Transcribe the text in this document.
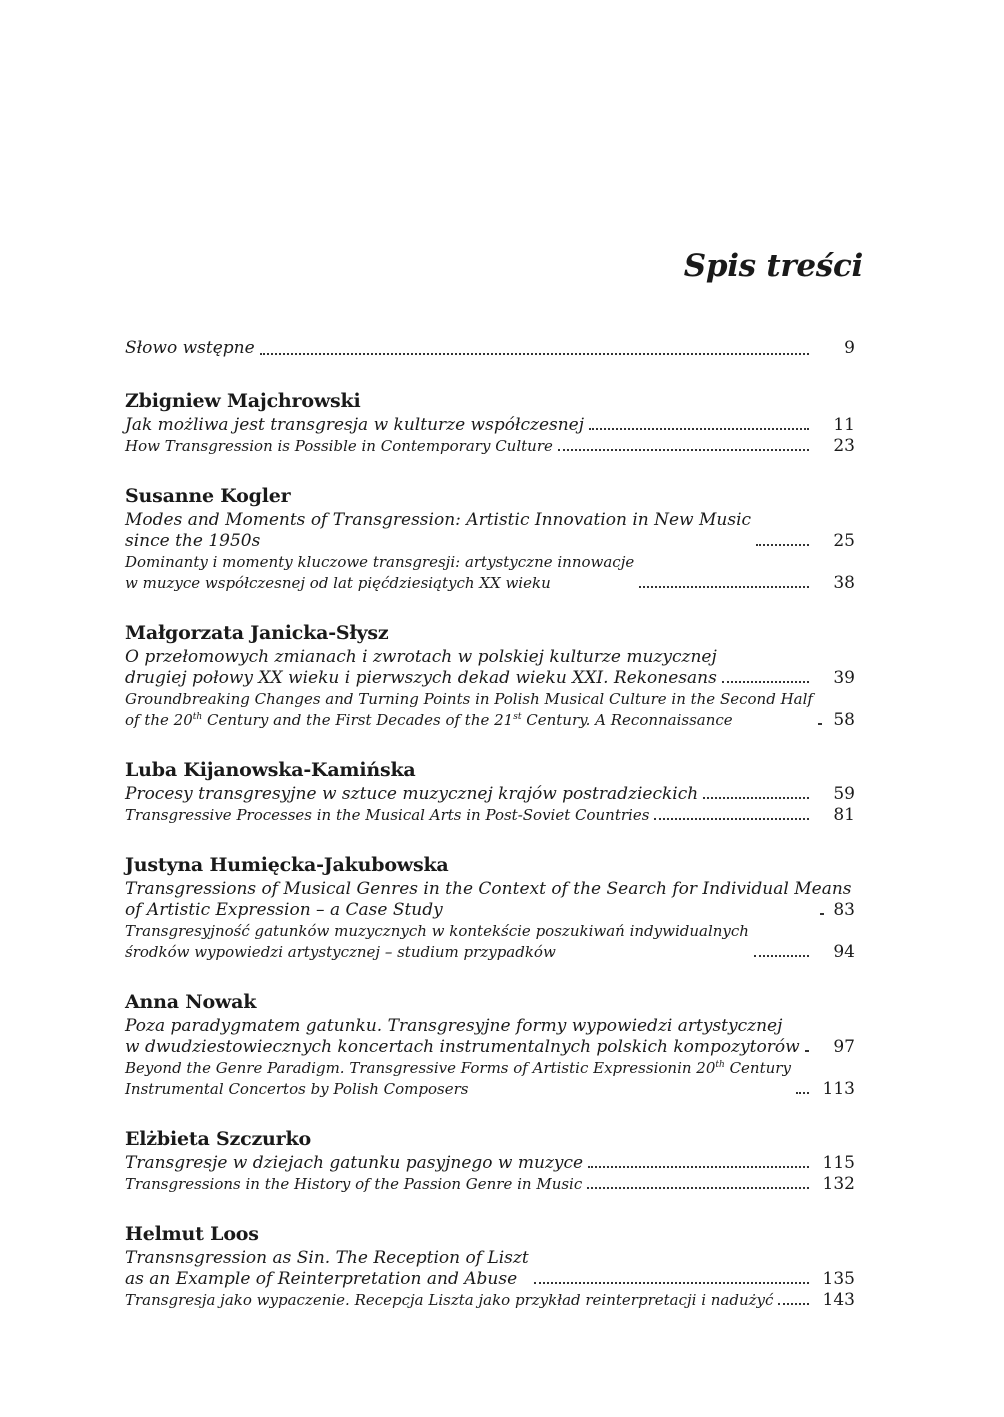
Spis treści
Słowo wstępne	9
Zbigniew Majchrowski
Jak możliwa jest transgresja w kulturze współczesnej	11
How Transgression is Possible in Contemporary Culture	23
Susanne Kogler
Modes and Moments of Transgression: Artistic Innovation in New Music
since the 1950s	25
Dominanty i momenty kluczowe transgresji: artystyczne innowacje
w muzyce współczesnej od lat pięćdziesiątych XX wieku	38
Małgorzata Janicka-Słysz
O przełomowych zmianach i zwrotach w polskiej kulturze muzycznej
drugiej połowy XX wieku i pierwszych dekad wieku XXI. Rekonesans	39
Groundbreaking Changes and Turning Points in Polish Musical Culture in the Second Half
of the 20th Century and the First Decades of the 21st Century. A Reconnaissance	58
Luba Kijanowska-Kamińska
Procesy transgresyjne w sztuce muzycznej krajów postradzieckich	59
Transgressive Processes in the Musical Arts in Post-Soviet Countries	81
Justyna Humięcka-Jakubowska
Transgressions of Musical Genres in the Context of the Search for Individual Means
of Artistic Expression – a Case Study	83
Transgresyjność gatunków muzycznych w kontekście poszukiwań indywidualnych
środków wypowiedzi artystycznej – studium przypadków	94
Anna Nowak
Poza paradygmatem gatunku. Transgresyjne formy wypowiedzi artystycznej
w dwudziestowiecznych koncertach instrumentalnych polskich kompozytorów	97
Beyond the Genre Paradigm. Transgressive Forms of Artistic Expressionin 20th Century
Instrumental Concertos by Polish Composers	113
Elżbieta Szczurko
Transgresje w dziejach gatunku pasyjnego w muzyce	115
Transgressions in the History of the Passion Genre in Music	132
Helmut Loos
Transnsgression as Sin. The Reception of Liszt
as an Example of Reinterpretation and Abuse	135
Transgresja jako wypaczenie. Recepcja Liszta jako przykład reinterpretacji i nadużyć	143
